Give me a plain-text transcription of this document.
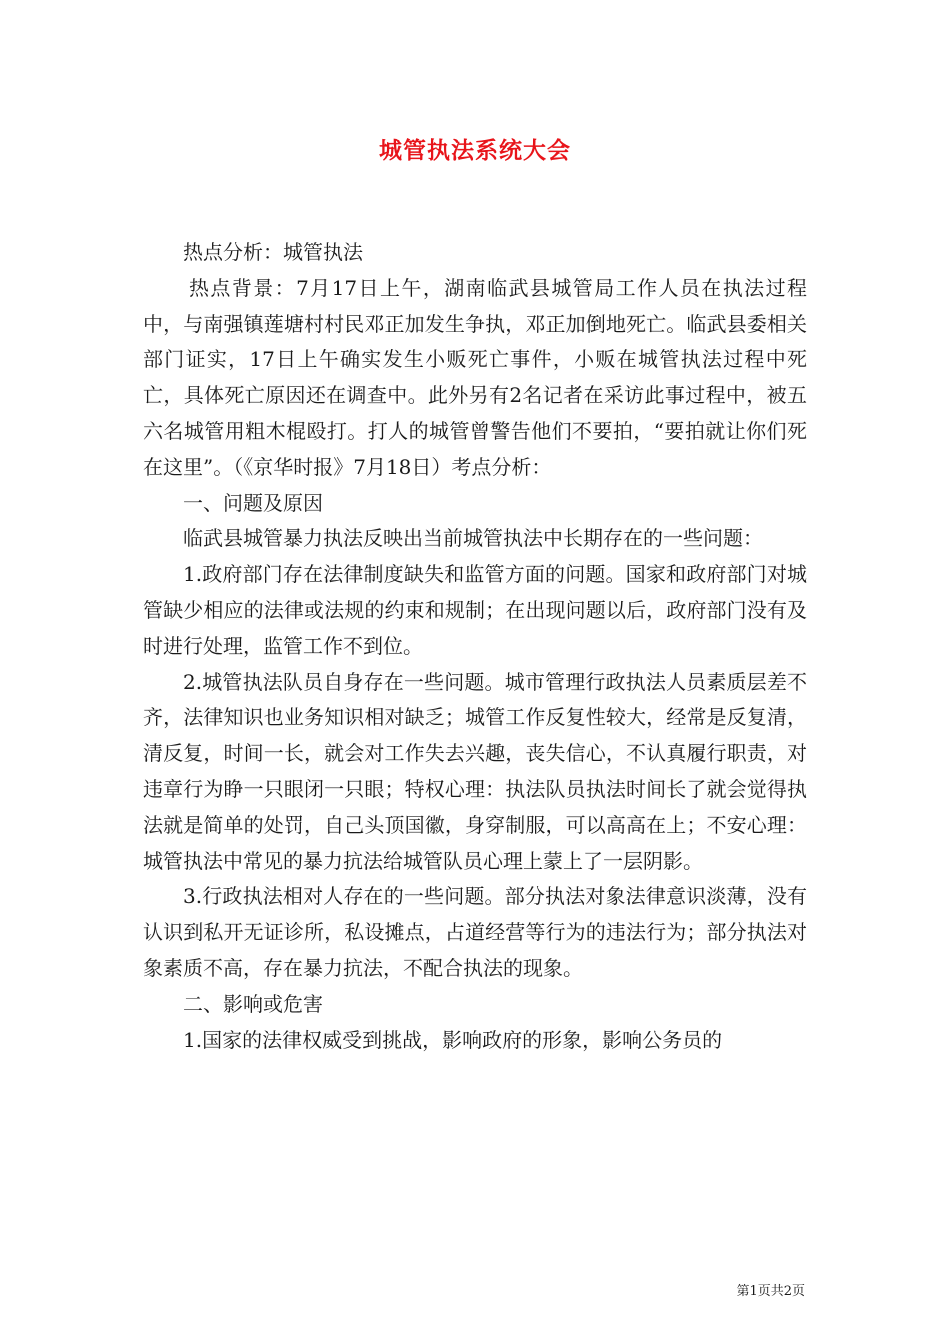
城管执法系统大会

热点分析：城管执法

热点背景：7月17日上午，湖南临武县城管局工作人员在执法过程中，与南强镇莲塘村村民邓正加发生争执，邓正加倒地死亡。临武县委相关部门证实，17日上午确实发生小贩死亡事件，小贩在城管执法过程中死亡，具体死亡原因还在调查中。此外另有2名记者在采访此事过程中，被五六名城管用粗木棍殴打。打人的城管曾警告他们不要拍，“要拍就让你们死在这里”。（《京华时报》7月18日）考点分析：

一、问题及原因

临武县城管暴力执法反映出当前城管执法中长期存在的一些问题：

1.政府部门存在法律制度缺失和监管方面的问题。国家和政府部门对城管缺少相应的法律或法规的约束和规制；在出现问题以后，政府部门没有及时进行处理，监管工作不到位。

2.城管执法队员自身存在一些问题。城市管理行政执法人员素质层差不齐，法律知识也业务知识相对缺乏；城管工作反复性较大，经常是反复清，清反复，时间一长，就会对工作失去兴趣，丧失信心，不认真履行职责，对违章行为睁一只眼闭一只眼；特权心理：执法队员执法时间长了就会觉得执法就是简单的处罚，自己头顶国徽，身穿制服，可以高高在上；不安心理：城管执法中常见的暴力抗法给城管队员心理上蒙上了一层阴影。

3.行政执法相对人存在的一些问题。部分执法对象法律意识淡薄，没有认识到私开无证诊所，私设摊点，占道经营等行为的违法行为；部分执法对象素质不高，存在暴力抗法，不配合执法的现象。

二、影响或危害

1.国家的法律权威受到挑战，影响政府的形象，影响公务员的

第1页共2页
